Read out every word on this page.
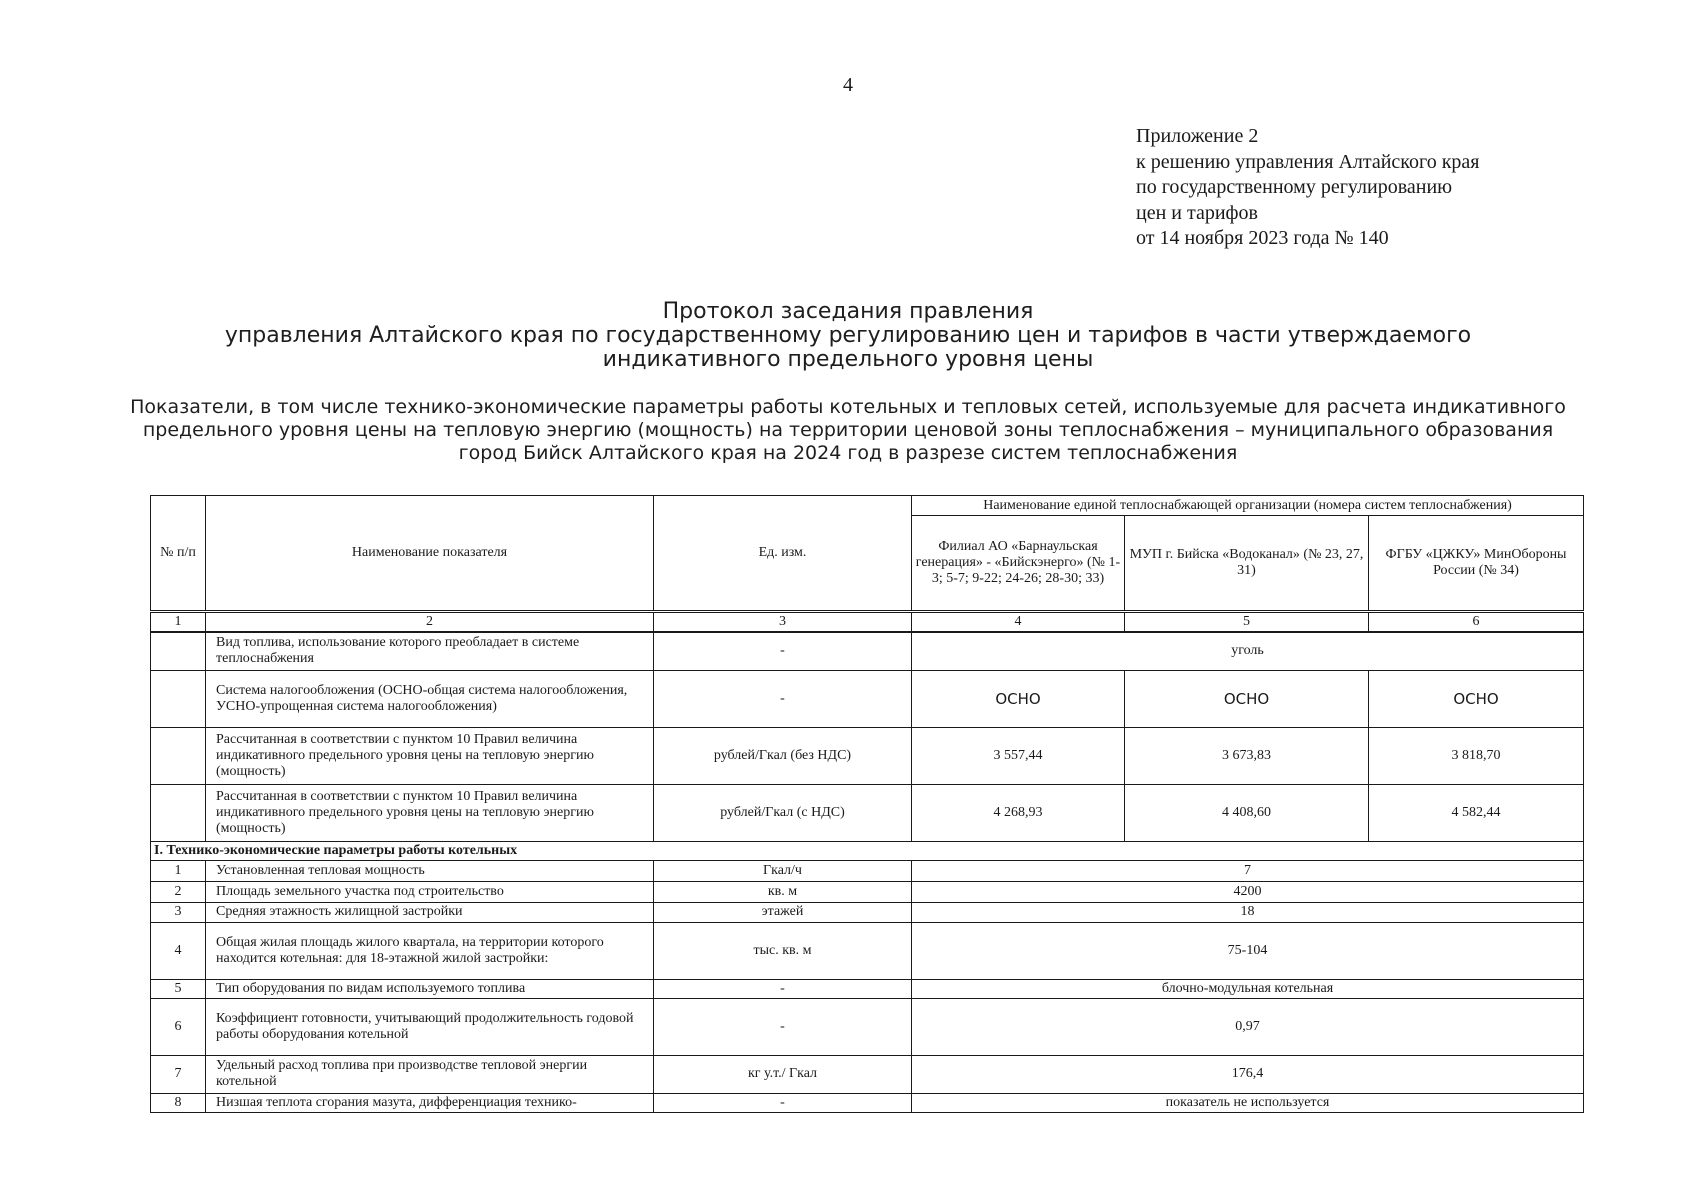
4
Приложение 2
к решению управления Алтайского края
по государственному регулированию
цен и тарифов
от 14 ноября 2023 года № 140
Протокол заседания правления
управления Алтайского края по государственному регулированию цен и тарифов в части утверждаемого
индикативного предельного уровня цены
Показатели, в том числе технико-экономические параметры работы котельных и тепловых сетей, используемые для расчета индикативного
предельного уровня цены на тепловую энергию (мощность) на территории ценовой зоны теплоснабжения – муниципального образования
город Бийск Алтайского края на 2024 год в разрезе систем теплоснабжения
№ п/п	Наименование показателя	Ед. изм.	Наименование единой теплоснабжающей организации (номера систем теплоснабжения)		
			Филиал АО «Барнаульская генерация» - «Бийскэнерго» (№ 1-3; 5-7; 9-22; 24-26; 28-30; 33)	МУП г. Бийска «Водоканал» (№ 23, 27, 31)	ФГБУ «ЦЖКУ» МинОбороны России (№ 34)
1	2	3	4	5	6
	Вид топлива, использование которого преобладает в системе теплоснабжения	-	уголь		
	Система налогообложения (ОСНО-общая система налогообложения, УСНО-упрощенная система налогообложения)	-	ОСНО	ОСНО	ОСНО
	Рассчитанная в соответствии с пунктом 10 Правил величина индикативного предельного уровня цены на тепловую энергию (мощность)	рублей/Гкал (без НДС)	3 557,44	3 673,83	3 818,70
	Рассчитанная в соответствии с пунктом 10 Правил величина индикативного предельного уровня цены на тепловую энергию (мощность)	рублей/Гкал (с НДС)	4 268,93	4 408,60	4 582,44
I. Технико-экономические параметры работы котельных					
1	Установленная тепловая мощность	Гкал/ч	7		
2	Площадь земельного участка под строительство	кв. м	4200		
3	Средняя этажность жилищной застройки	этажей	18		
4	Общая жилая площадь жилого квартала, на территории которого находится котельная: для 18-этажной жилой застройки:	тыс. кв. м	75-104		
5	Тип оборудования по видам используемого топлива	-	блочно-модульная котельная		
6	Коэффициент готовности, учитывающий продолжительность годовой работы оборудования котельной	-	0,97		
7	Удельный расход топлива при производстве тепловой энергии котельной	кг у.т./ Гкал	176,4		
8	Низшая теплота сгорания мазута, дифференциация технико-	-	показатель не используется		
